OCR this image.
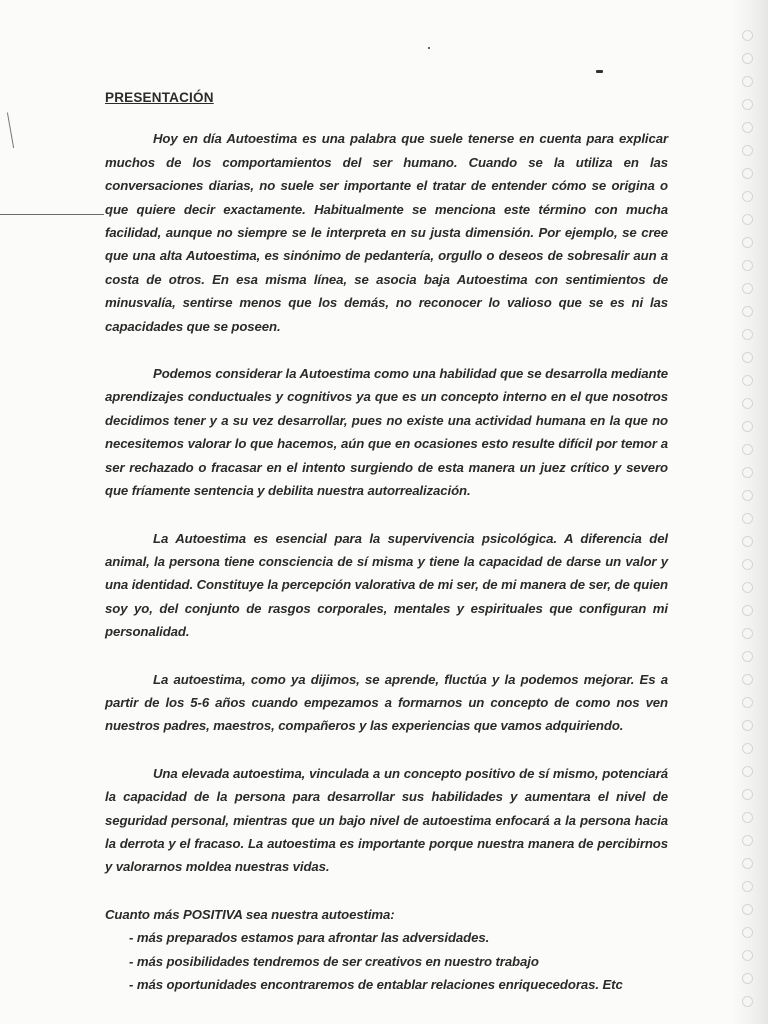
PRESENTACIÓN

Hoy en día Autoestima es una palabra que suele tenerse en cuenta para explicar muchos de los comportamientos del ser humano. Cuando se la utiliza en las conversaciones diarias, no suele ser importante el tratar de entender cómo se origina o que quiere decir exactamente. Habitualmente se menciona este término con mucha facilidad, aunque no siempre se le interpreta en su justa dimensión. Por ejemplo, se cree que una alta Autoestima, es sinónimo de pedantería, orgullo o deseos de sobresalir aun a costa de otros. En esa misma línea, se asocia baja Autoestima con sentimientos de minusvalía, sentirse menos que los demás, no reconocer lo valioso que se es ni las capacidades que se poseen.

Podemos considerar la Autoestima como una habilidad que se desarrolla mediante aprendizajes conductuales y cognitivos ya que es un concepto interno en el que nosotros decidimos tener y a su vez desarrollar, pues no existe una actividad humana en la que no necesitemos valorar lo que hacemos, aún que en ocasiones esto resulte difícil por temor a ser rechazado o fracasar en el intento surgiendo de esta manera un juez crítico y severo que fríamente sentencia y debilita nuestra autorrealización.

La Autoestima es esencial para la supervivencia psicológica. A diferencia del animal, la persona tiene consciencia de sí misma y tiene la capacidad de darse un valor y una identidad. Constituye la percepción valorativa de mi ser, de mi manera de ser, de quien soy yo, del conjunto de rasgos corporales, mentales y espirituales que configuran mi personalidad.

La autoestima, como ya dijimos, se aprende, fluctúa y la podemos mejorar. Es a partir de los 5-6 años cuando empezamos a formarnos un concepto de como nos ven nuestros padres, maestros, compañeros y las experiencias que vamos adquiriendo.

Una elevada autoestima, vinculada a un concepto positivo de sí mismo, potenciará la capacidad de la persona para desarrollar sus habilidades y aumentara el nivel de seguridad personal, mientras que un bajo nivel de autoestima enfocará a la persona hacia la derrota y el fracaso. La autoestima es importante porque nuestra manera de percibirnos y valorarnos moldea nuestras vidas.

Cuanto más POSITIVA sea nuestra autoestima:

- más preparados estamos para afrontar las adversidades.
- más posibilidades tendremos de ser creativos en nuestro trabajo
- más oportunidades encontraremos de entablar relaciones enriquecedoras. Etc
